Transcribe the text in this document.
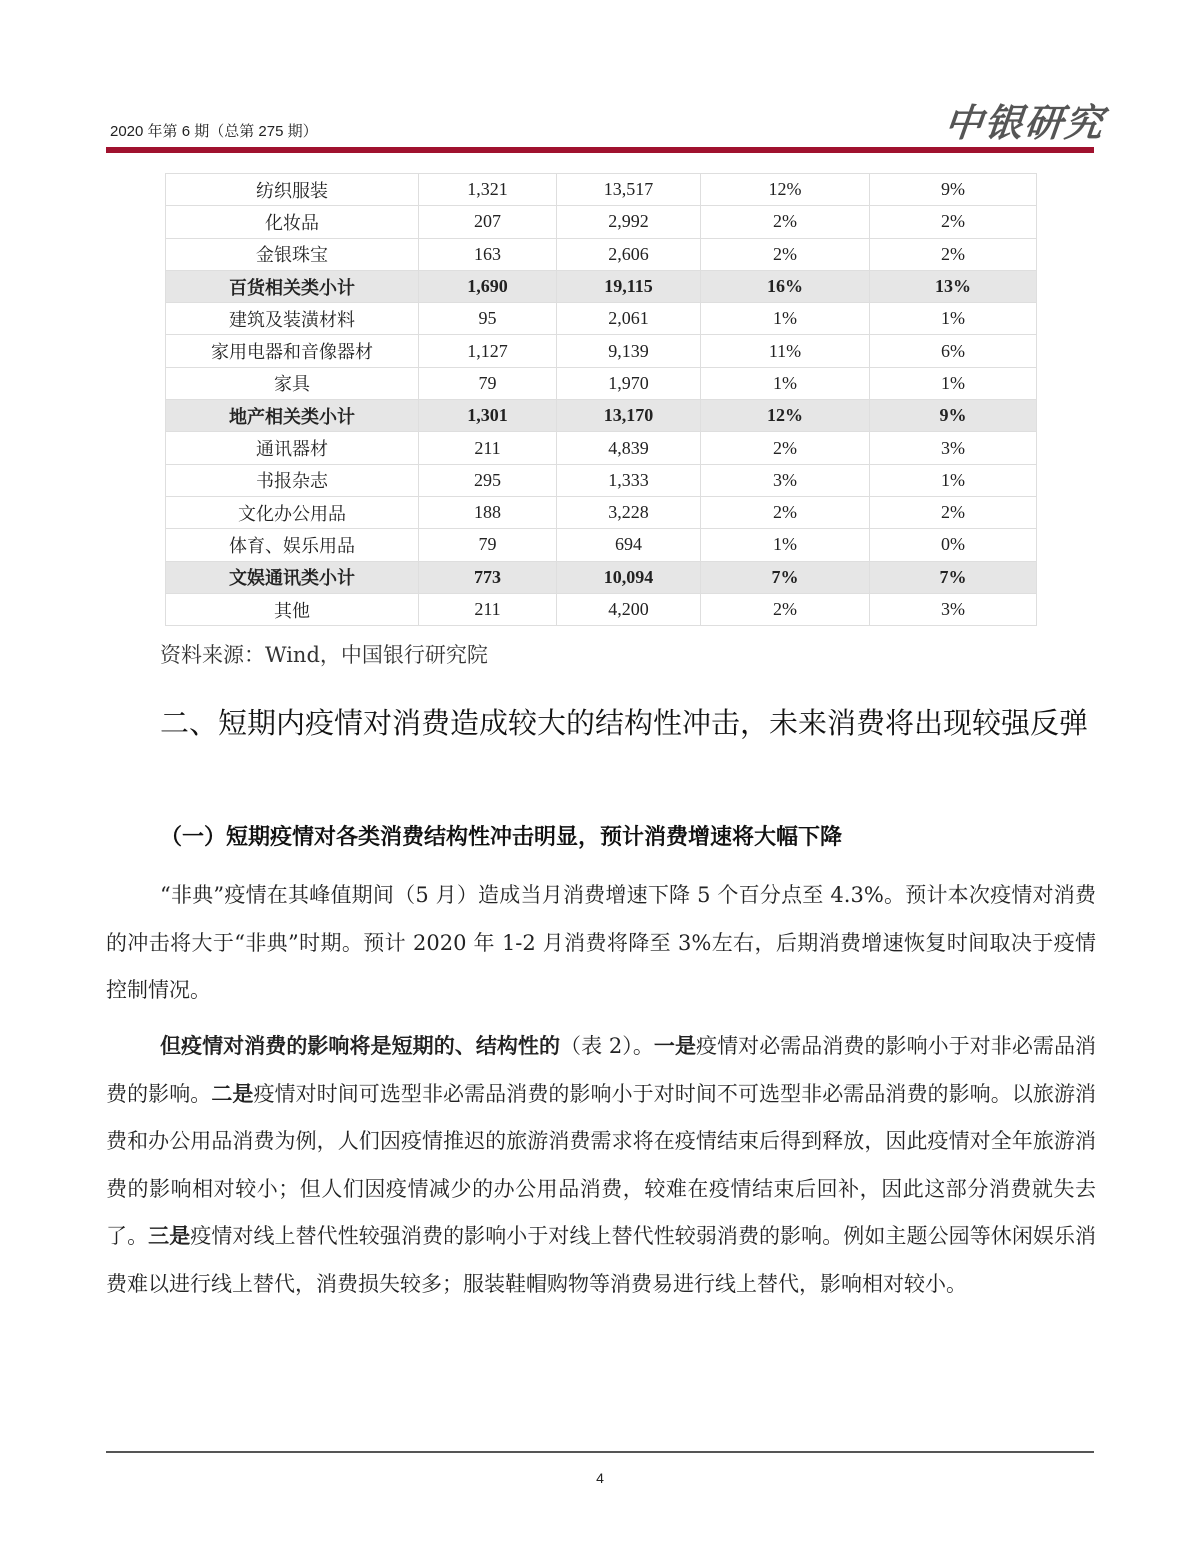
2020 年第 6 期（总第 275 期）	中银研究
纺织服装	1,321	13,517	12%	9%
化妆品	207	2,992	2%	2%
金银珠宝	163	2,606	2%	2%
百货相关类小计	1,690	19,115	16%	13%
建筑及装潢材料	95	2,061	1%	1%
家用电器和音像器材	1,127	9,139	11%	6%
家具	79	1,970	1%	1%
地产相关类小计	1,301	13,170	12%	9%
通讯器材	211	4,839	2%	3%
书报杂志	295	1,333	3%	1%
文化办公用品	188	3,228	2%	2%
体育、娱乐用品	79	694	1%	0%
文娱通讯类小计	773	10,094	7%	7%
其他	211	4,200	2%	3%
资料来源：Wind，中国银行研究院
二、短期内疫情对消费造成较大的结构性冲击，未来消费将出现较强反弹
（一）短期疫情对各类消费结构性冲击明显，预计消费增速将大幅下降

“非典”疫情在其峰值期间（5 月）造成当月消费增速下降 5 个百分点至 4.3%。预计本次疫情对消费的冲击将大于“非典”时期。预计 2020 年 1-2 月消费将降至 3%左右，后期消费增速恢复时间取决于疫情控制情况。

但疫情对消费的影响将是短期的、结构性的（表 2）。一是疫情对必需品消费的影响小于对非必需品消费的影响。二是疫情对时间可选型非必需品消费的影响小于对时间不可选型非必需品消费的影响。以旅游消费和办公用品消费为例，人们因疫情推迟的旅游消费需求将在疫情结束后得到释放，因此疫情对全年旅游消费的影响相对较小；但人们因疫情减少的办公用品消费，较难在疫情结束后回补，因此这部分消费就失去了。三是疫情对线上替代性较强消费的影响小于对线上替代性较弱消费的影响。例如主题公园等休闲娱乐消费难以进行线上替代，消费损失较多；服装鞋帽购物等消费易进行线上替代，影响相对较小。

4
